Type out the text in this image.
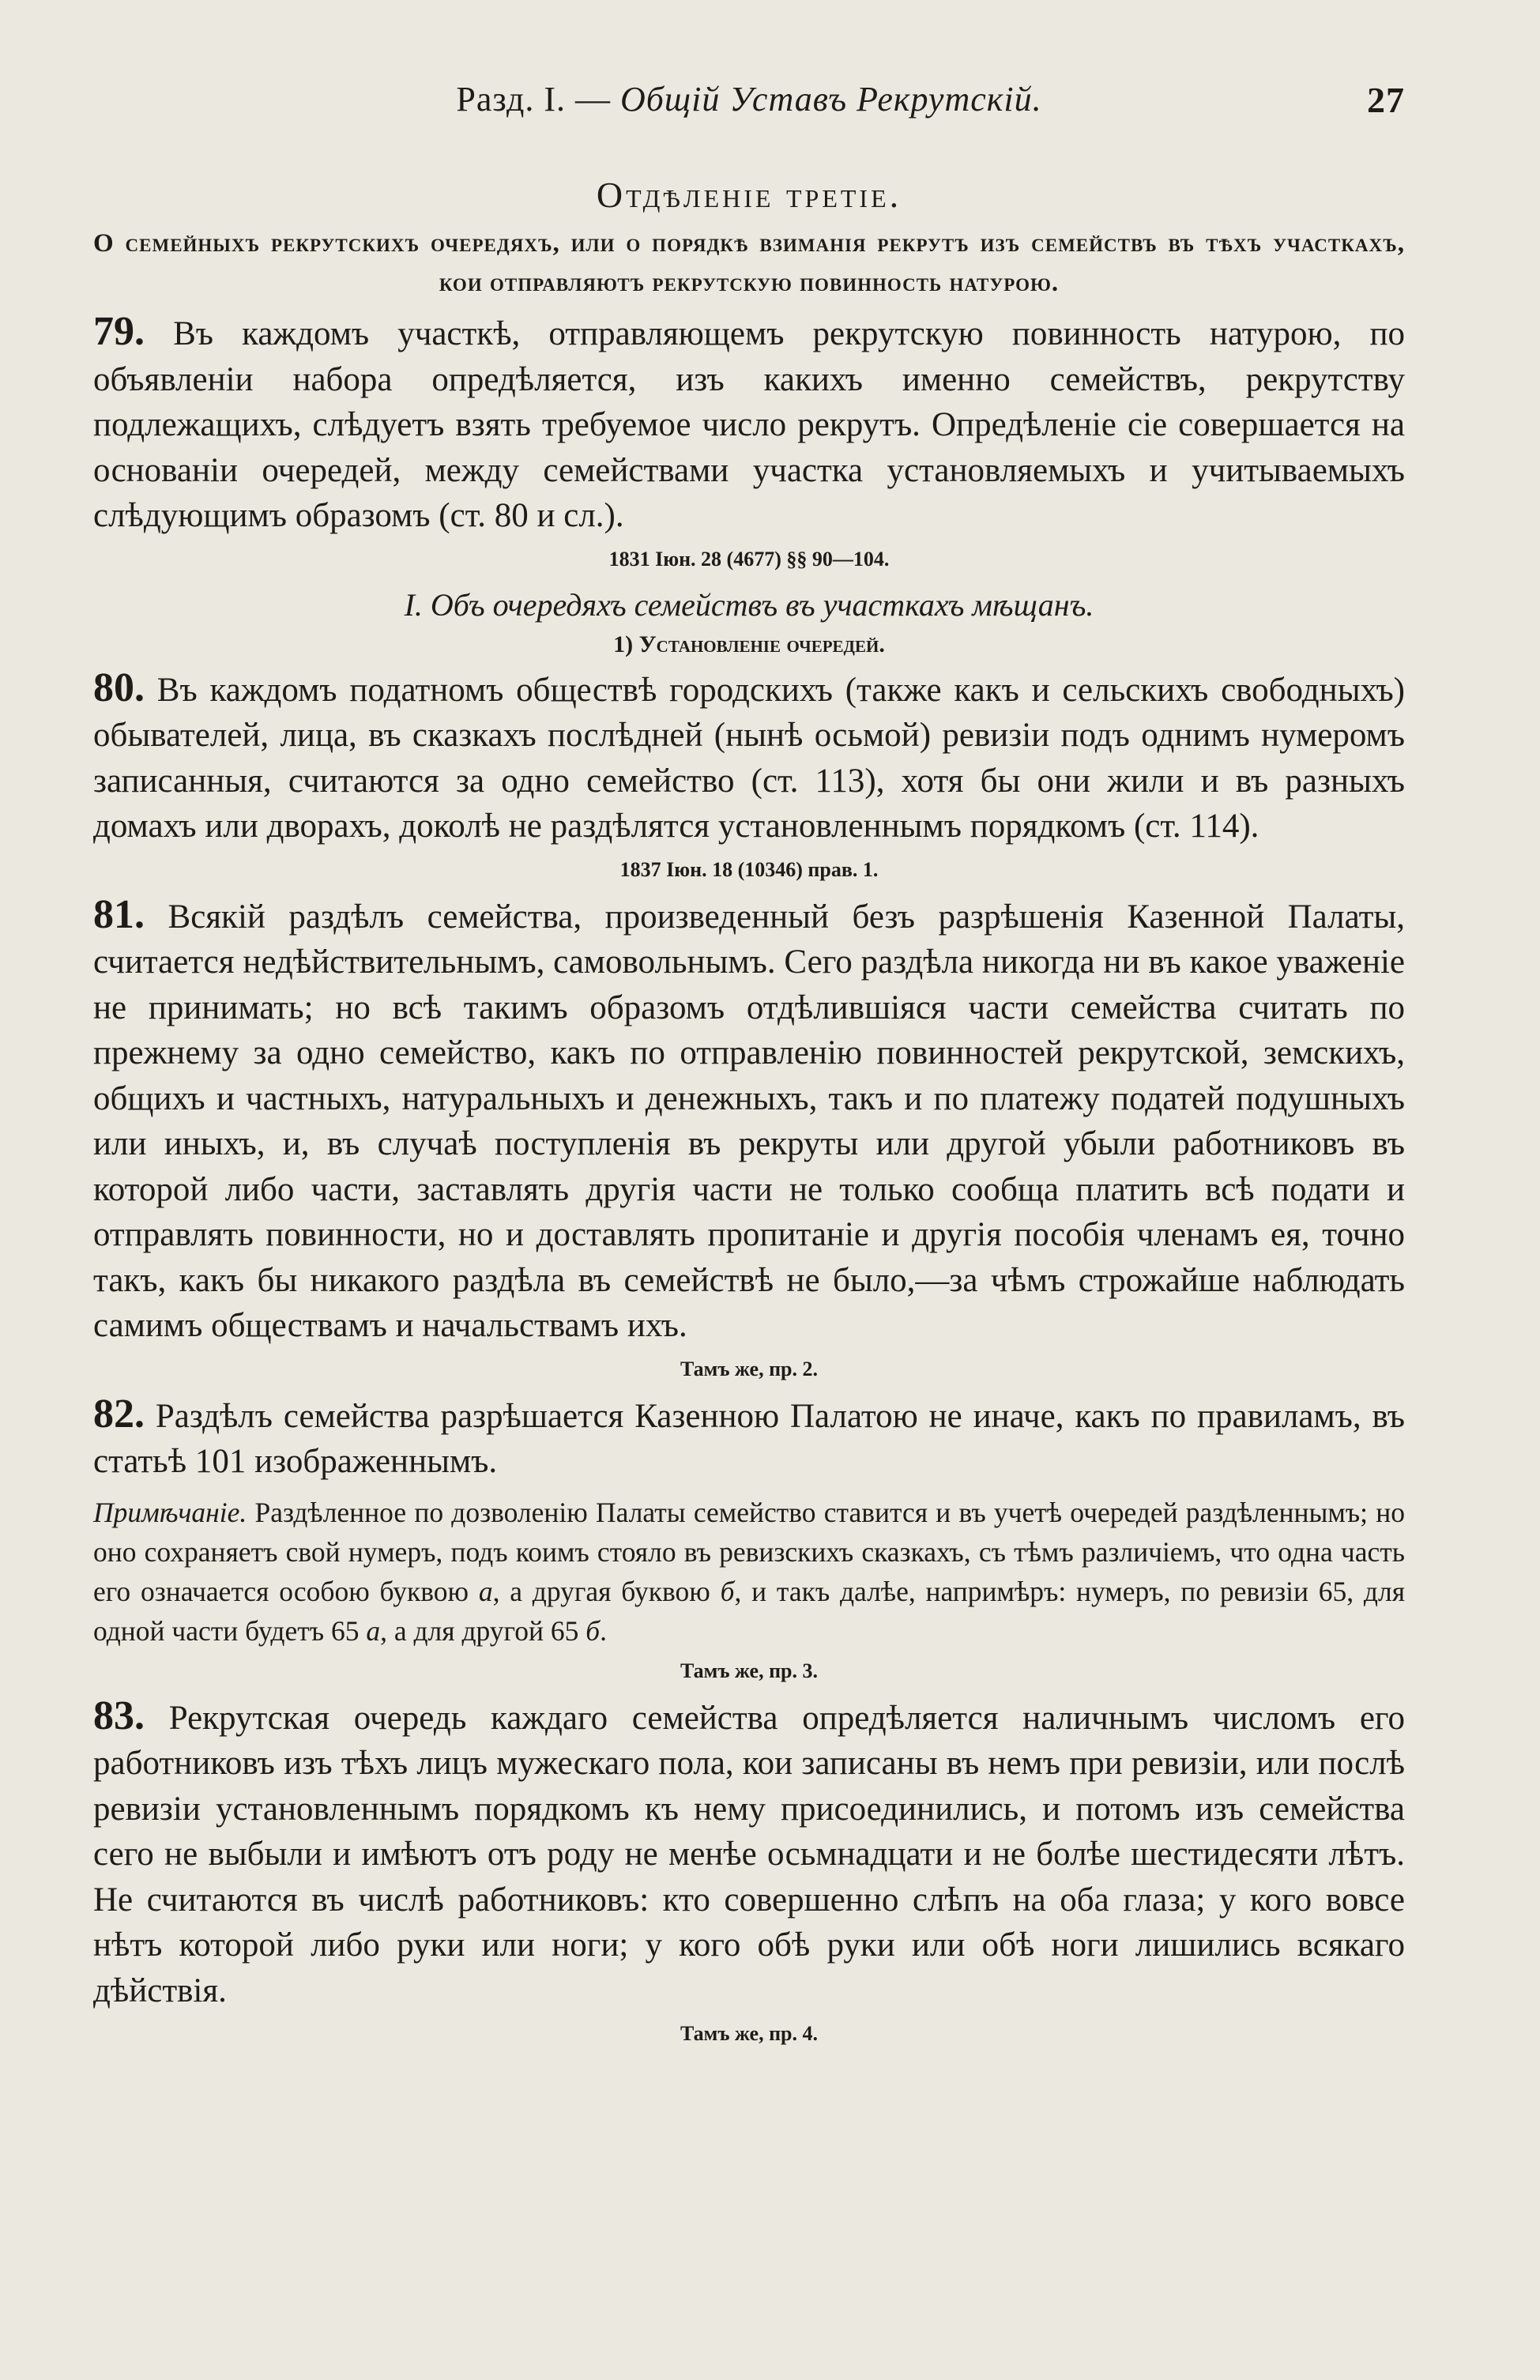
Разд. I. — Общій Уставъ Рекрутскій.	27
Отдѣленіе третіе.
О семейныхъ рекрутскихъ очередяхъ, или о порядкѣ взиманія рекрутъ изъ семействъ въ тѣхъ участкахъ, кои отправляютъ рекрутскую повинность натурою.

79. Въ каждомъ участкѣ, отправляющемъ рекрутскую повинность натурою, по объявленіи набора опредѣляется, изъ какихъ именно семействъ, рекрутству подлежащихъ, слѣдуетъ взять требуемое число рекрутъ. Опредѣленіе сіе совершается на основаніи очередей, между семействами участка установляемыхъ и учитываемыхъ слѣдующимъ образомъ (ст. 80 и сл.).

1831 Іюн. 28 (4677) §§ 90—104.
I. Объ очередяхъ семействъ въ участкахъ мѣщанъ.
1) Установленіе очередей.

80. Въ каждомъ податномъ обществѣ городскихъ (также какъ и сельскихъ свободныхъ) обывателей, лица, въ сказкахъ послѣдней (нынѣ осьмой) ревизіи подъ однимъ нумеромъ записанныя, считаются за одно семейство (ст. 113), хотя бы они жили и въ разныхъ домахъ или дворахъ, доколѣ не раздѣлятся установленнымъ порядкомъ (ст. 114).

1837 Іюн. 18 (10346) прав. 1.

81. Всякій раздѣлъ семейства, произведенный безъ разрѣшенія Казенной Палаты, считается недѣйствительнымъ, самовольнымъ. Сего раздѣла никогда ни въ какое уваженіе не принимать; но всѣ такимъ образомъ отдѣлившіяся части семейства считать по прежнему за одно семейство, какъ по отправленію повинностей рекрутской, земскихъ, общихъ и частныхъ, натуральныхъ и денежныхъ, такъ и по платежу податей подушныхъ или иныхъ, и, въ случаѣ поступленія въ рекруты или другой убыли работниковъ въ которой либо части, заставлять другія части не только сообща платить всѣ подати и отправлять повинности, но и доставлять пропитаніе и другія пособія членамъ ея, точно такъ, какъ бы никакого раздѣла въ семействѣ не было,—за чѣмъ строжайше наблюдать самимъ обществамъ и начальствамъ ихъ.

Тамъ же, пр. 2.

82. Раздѣлъ семейства разрѣшается Казенною Палатою не иначе, какъ по правиламъ, въ статьѣ 101 изображеннымъ.

Примѣчаніе. Раздѣленное по дозволенію Палаты семейство ставится и въ учетѣ очередей раздѣленнымъ; но оно сохраняетъ свой нумеръ, подъ коимъ стояло въ ревизскихъ сказкахъ, съ тѣмъ различіемъ, что одна часть его означается особою буквою а, а другая буквою б, и такъ далѣе, напримѣръ: нумеръ, по ревизіи 65, для одной части будетъ 65 а, а для другой 65 б.

Тамъ же, пр. 3.

83. Рекрутская очередь каждаго семейства опредѣляется наличнымъ числомъ его работниковъ изъ тѣхъ лицъ мужескаго пола, кои записаны въ немъ при ревизіи, или послѣ ревизіи установленнымъ порядкомъ къ нему присоединились, и потомъ изъ семейства сего не выбыли и имѣютъ отъ роду не менѣе осьмнадцати и не болѣе шестидесяти лѣтъ. Не считаются въ числѣ работниковъ: кто совершенно слѣпъ на оба глаза; у кого вовсе нѣтъ которой либо руки или ноги; у кого обѣ руки или обѣ ноги лишились всякаго дѣйствія.

Тамъ же, пр. 4.
